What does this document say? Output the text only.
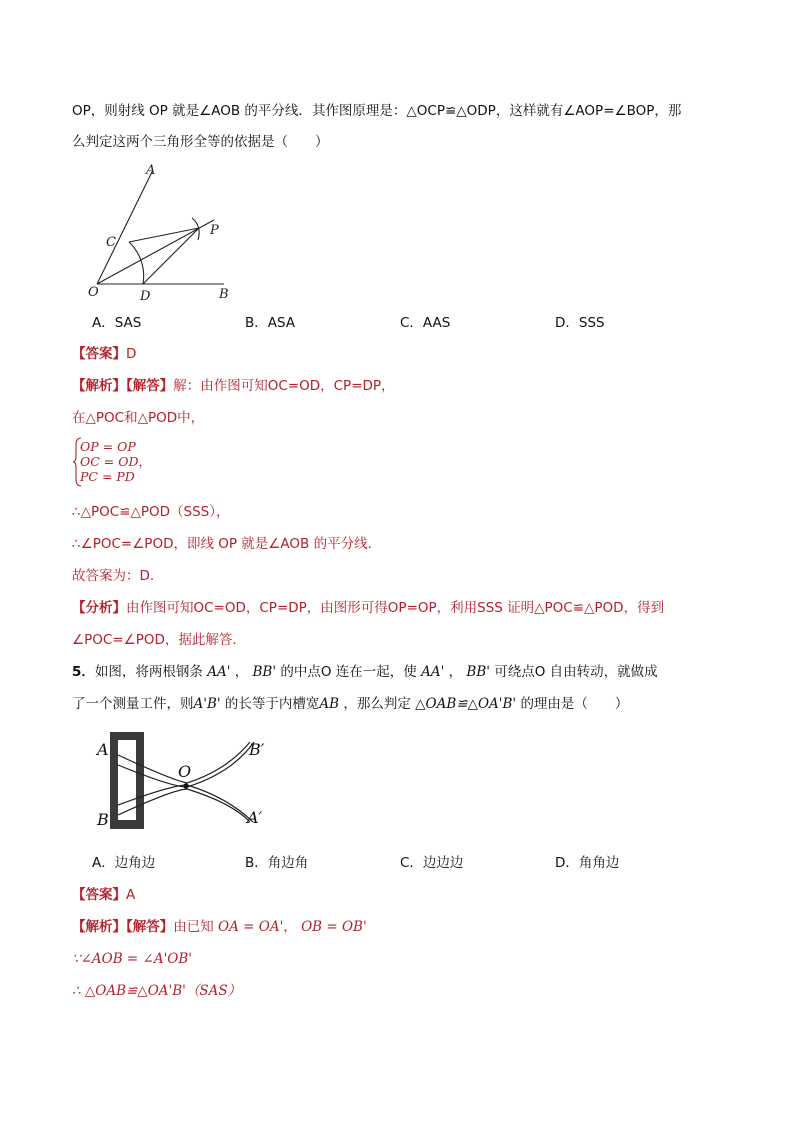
OP，则射线 OP 就是∠AOB 的平分线．其作图原理是：△OCP≌△ODP，这样就有∠AOP=∠BOP，那
么判定这两个三角形全等的依据是（　　）
A
B
C
D
O
P
A．SAS	B．ASA	C．AAS	D．SSS
【答案】D
【解析】【解答】解：由作图可知OC=OD，CP=DP，
在△POC和△POD中，
OP = OP
OC = OD，
PC = PD
∴△POC≌△POD（SSS），
∴∠POC=∠POD，即线 OP 就是∠AOB 的平分线．
故答案为：D.
【分析】由作图可知OC=OD，CP=DP，由图形可得OP=OP，利用SSS 证明△POC≌△POD，得到
∠POC=∠POD，据此解答.
5．如图，将两根钢条 AA' ， BB' 的中点O 连在一起，使 AA' ， BB' 可绕点O 自由转动，就做成
了一个测量工件，则A'B' 的长等于内槽宽AB ，那么判定 △OAB≌△OA'B' 的理由是（　　）
A
B
O
B′
A′
A．边角边	B．角边角	C．边边边	D．角角边
【答案】A
【解析】【解答】由已知 OA = OA'， OB = OB'
∵∠AOB = ∠A'OB'
∴ △OAB≌△OA'B'（SAS）
